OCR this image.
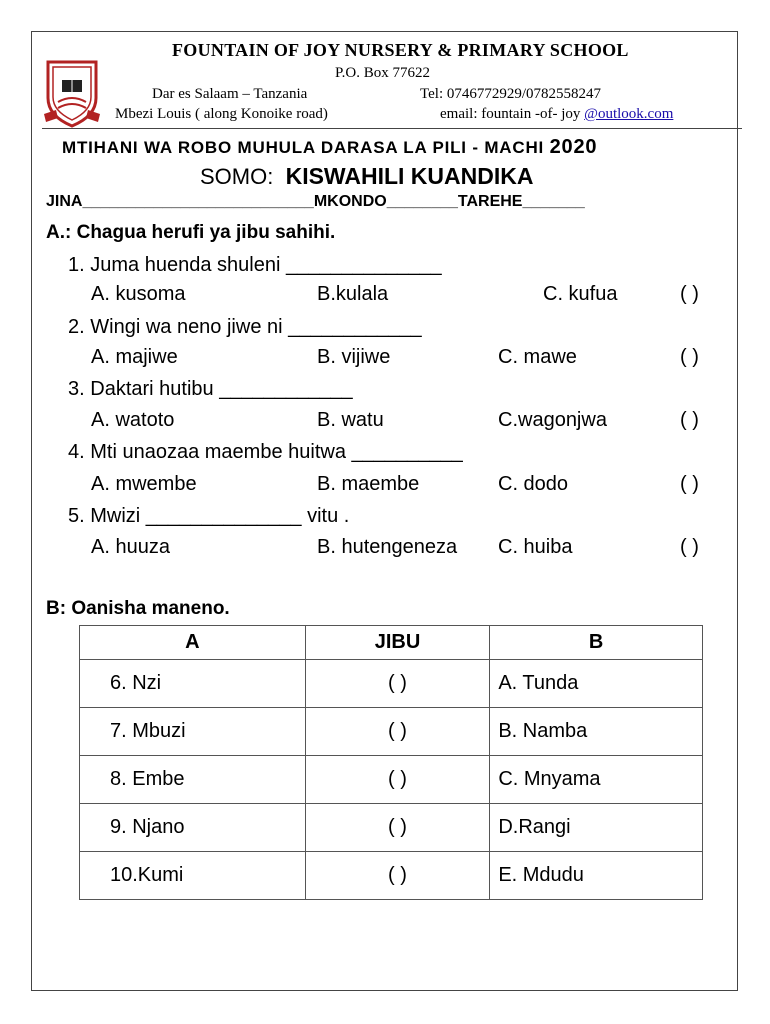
FOUNTAIN OF JOY NURSERY & PRIMARY SCHOOL
P.O. Box 77622
Dar es Salaam – Tanzania	Tel: 0746772929/0782558247
Mbezi Louis ( along Konoike road)	email: fountain -of- joy @outlook.com
MTIHANI WA ROBO MUHULA DARASA LA PILI - MACHI 2020
SOMO: KISWAHILI KUANDIKA
JINA__________________________MKONDO________TAREHE_______
A.: Chagua herufi ya jibu sahihi.
1. Juma huenda shuleni ______________
A. kusoma	B.kulala	C. kufua	( )
2. Wingi wa neno jiwe ni ____________
A. majiwe	B. vijiwe	C. mawe	( )
3. Daktari hutibu ____________
A. watoto	B. watu	C.wagonjwa	( )
4. Mti unaozaa maembe huitwa __________
A. mwembe	B. maembe	C. dodo	( )
5. Mwizi ______________ vitu .
A. huuza	B. hutengeneza C. huiba	( )
B: Oanisha maneno.
A	JIBU	B
6. Nzi	( )	A. Tunda
7. Mbuzi	( )	B. Namba
8. Embe	( )	C. Mnyama
9. Njano	( )	D.Rangi
10.Kumi	( )	E. Mdudu
